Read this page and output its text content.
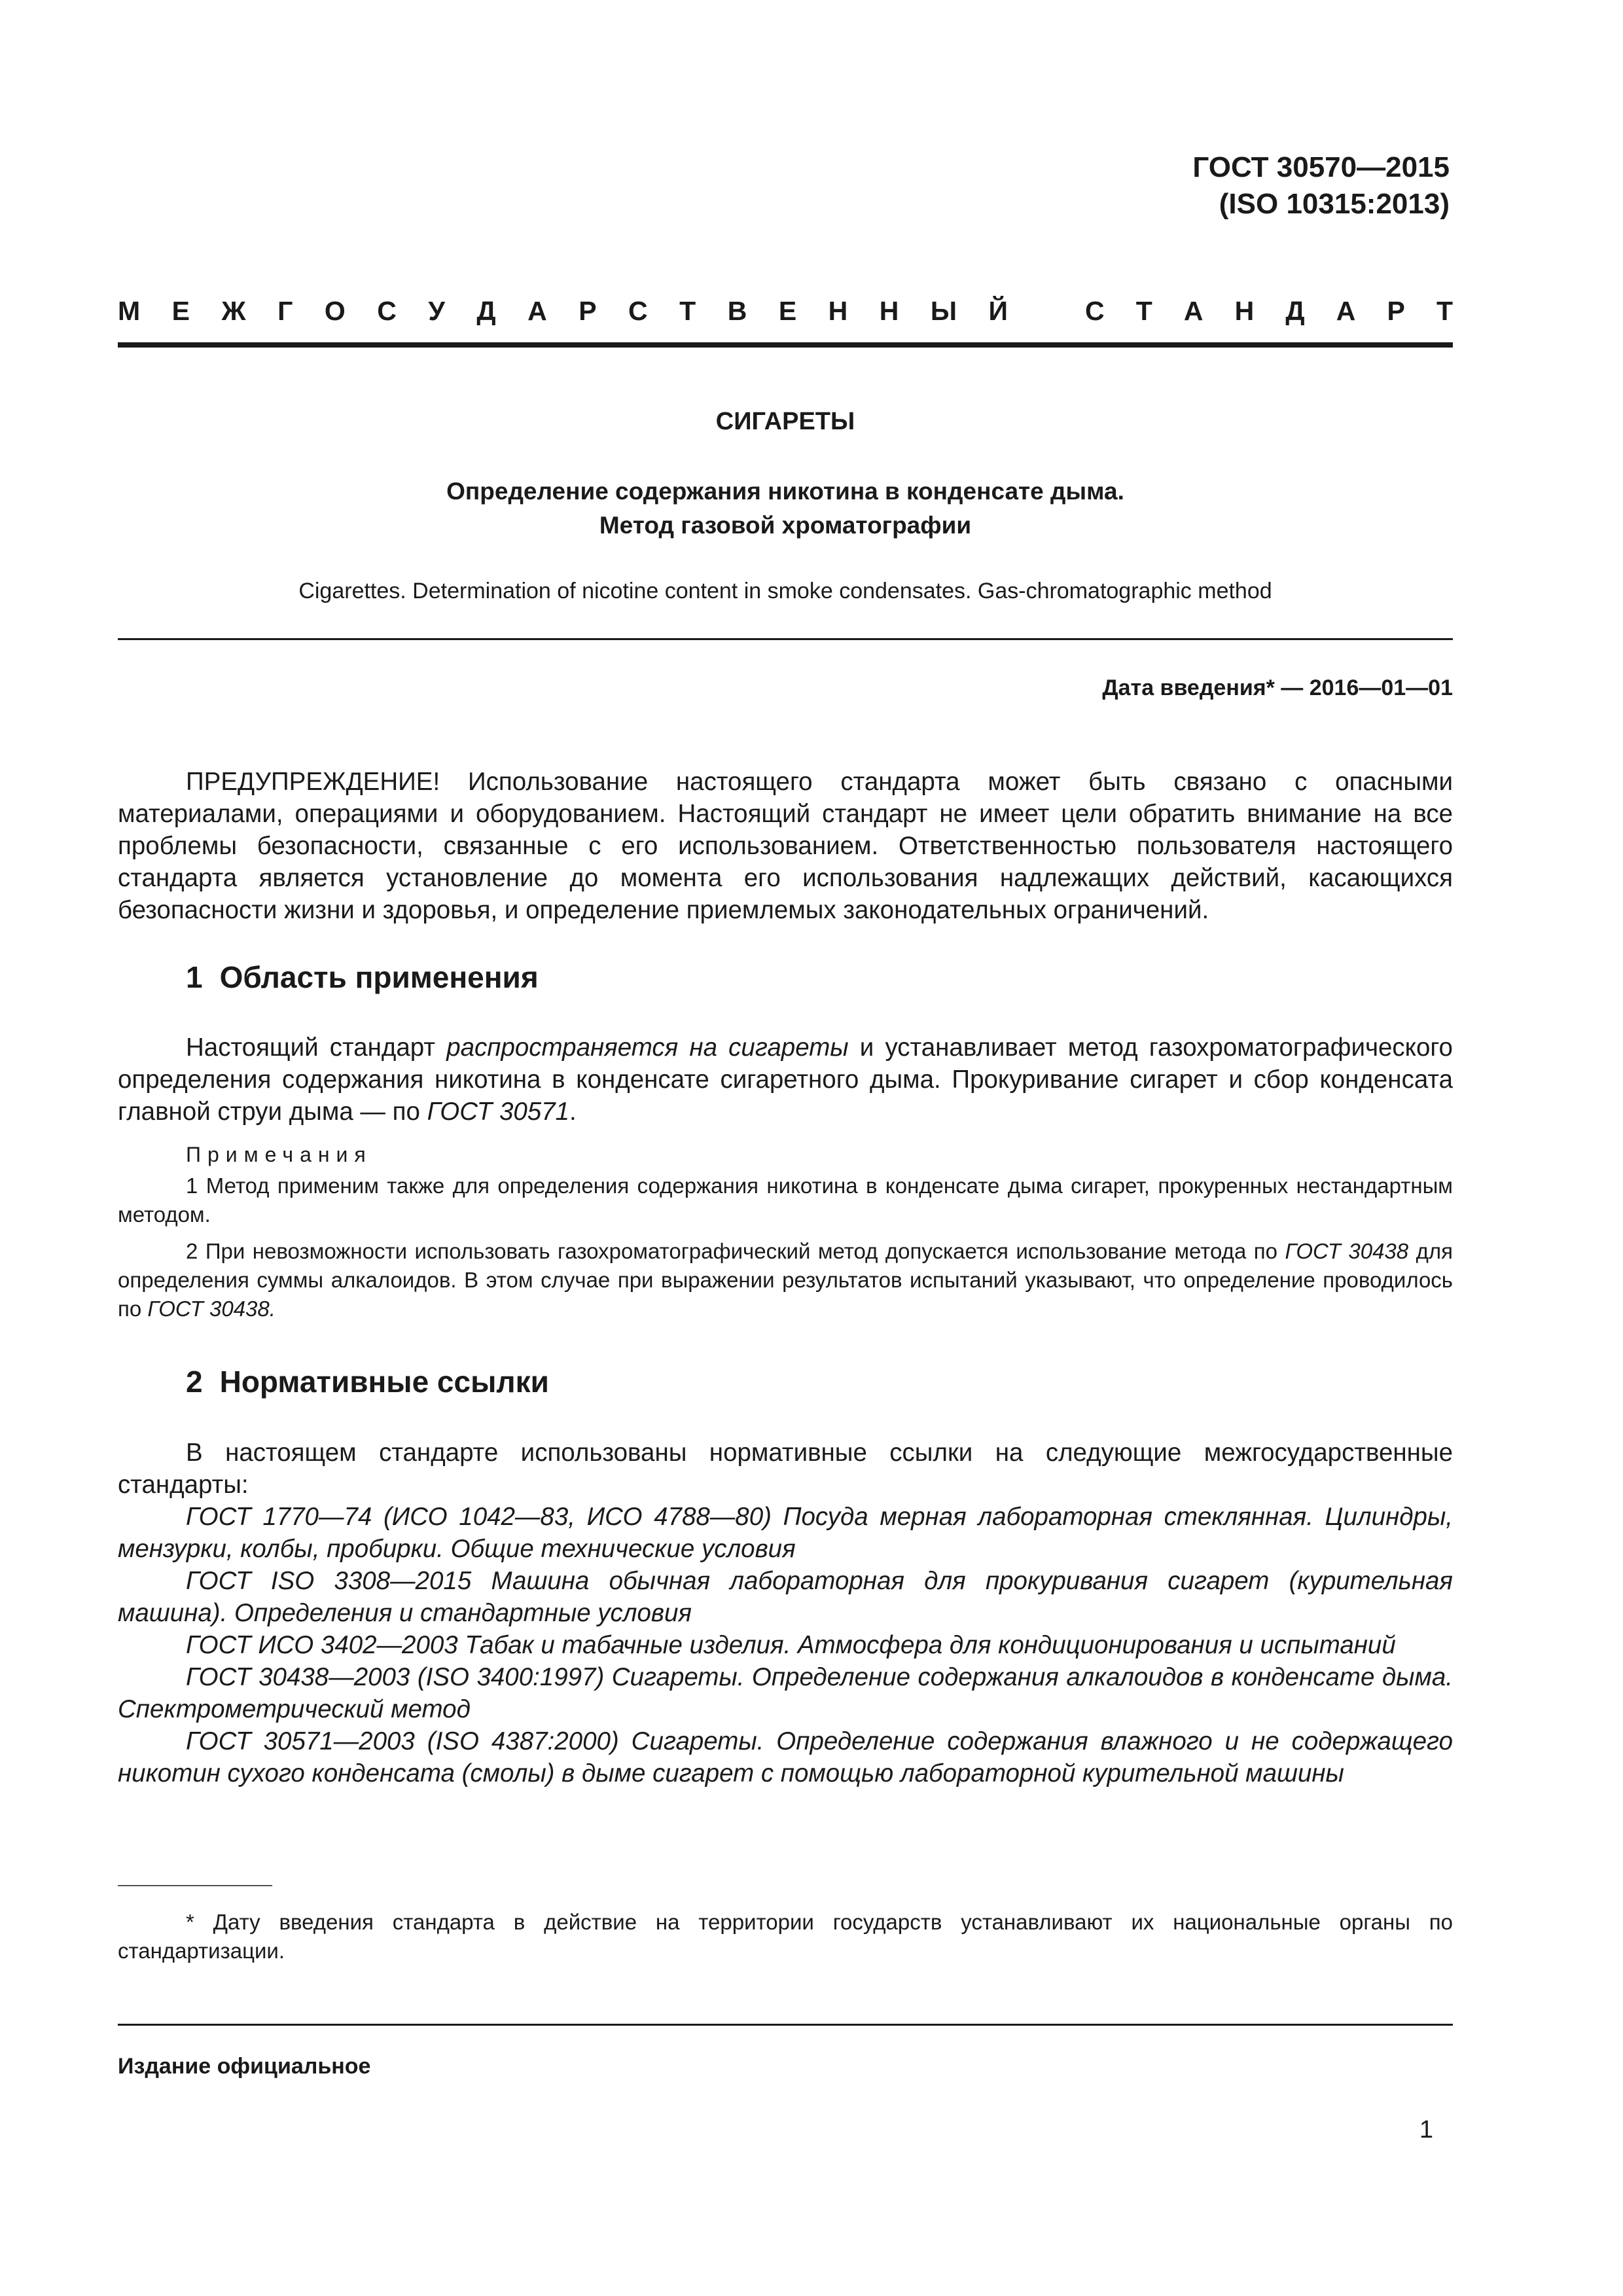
ГОСТ 30570—2015
(ISO 10315:2013)
М Е Ж Г О С У Д А Р С Т В Е Н Н Ы Й	С Т А Н Д А Р Т
СИГАРЕТЫ
Определение содержания никотина в конденсате дыма.
Метод газовой хроматографии
Cigarettes. Determination of nicotine content in smoke condensates. Gas-chromatographic method
Дата введения* — 2016—01—01

ПРЕДУПРЕЖДЕНИЕ! Использование настоящего стандарта может быть связано с опасными материалами, операциями и оборудованием. Настоящий стандарт не имеет цели обратить внимание на все проблемы безопасности, связанные с его использованием. Ответственностью пользователя настоящего стандарта является установление до момента его использования надлежащих действий, касающихся безопасности жизни и здоровья, и определение приемлемых законодательных ограничений.

1 Область применения

Настоящий стандарт распространяется на сигареты и устанавливает метод газохроматографического определения содержания никотина в конденсате сигаретного дыма. Прокуривание сигарет и сбор конденсата главной струи дыма — по ГОСТ 30571.

Примечания

1 Метод применим также для определения содержания никотина в конденсате дыма сигарет, прокуренных нестандартным методом.

2 При невозможности использовать газохроматографический метод допускается использование метода по ГОСТ 30438 для определения суммы алкалоидов. В этом случае при выражении результатов испытаний указывают, что определение проводилось по ГОСТ 30438.

2 Нормативные ссылки

В настоящем стандарте использованы нормативные ссылки на следующие межгосударственные стандарты:

ГОСТ 1770—74 (ИСО 1042—83, ИСО 4788—80) Посуда мерная лабораторная стеклянная. Цилиндры, мензурки, колбы, пробирки. Общие технические условия

ГОСТ ISO 3308—2015 Машина обычная лабораторная для прокуривания сигарет (курительная машина). Определения и стандартные условия

ГОСТ ИСО 3402—2003 Табак и табачные изделия. Атмосфера для кондиционирования и испытаний

ГОСТ 30438—2003 (ISO 3400:1997) Сигареты. Определение содержания алкалоидов в конденсате дыма. Спектрометрический метод

ГОСТ 30571—2003 (ISO 4387:2000) Сигареты. Определение содержания влажного и не содержащего никотин сухого конденсата (смолы) в дыме сигарет с помощью лабораторной курительной машины

* Дату введения стандарта в действие на территории государств устанавливают их национальные органы по стандартизации.

Издание официальное
1
